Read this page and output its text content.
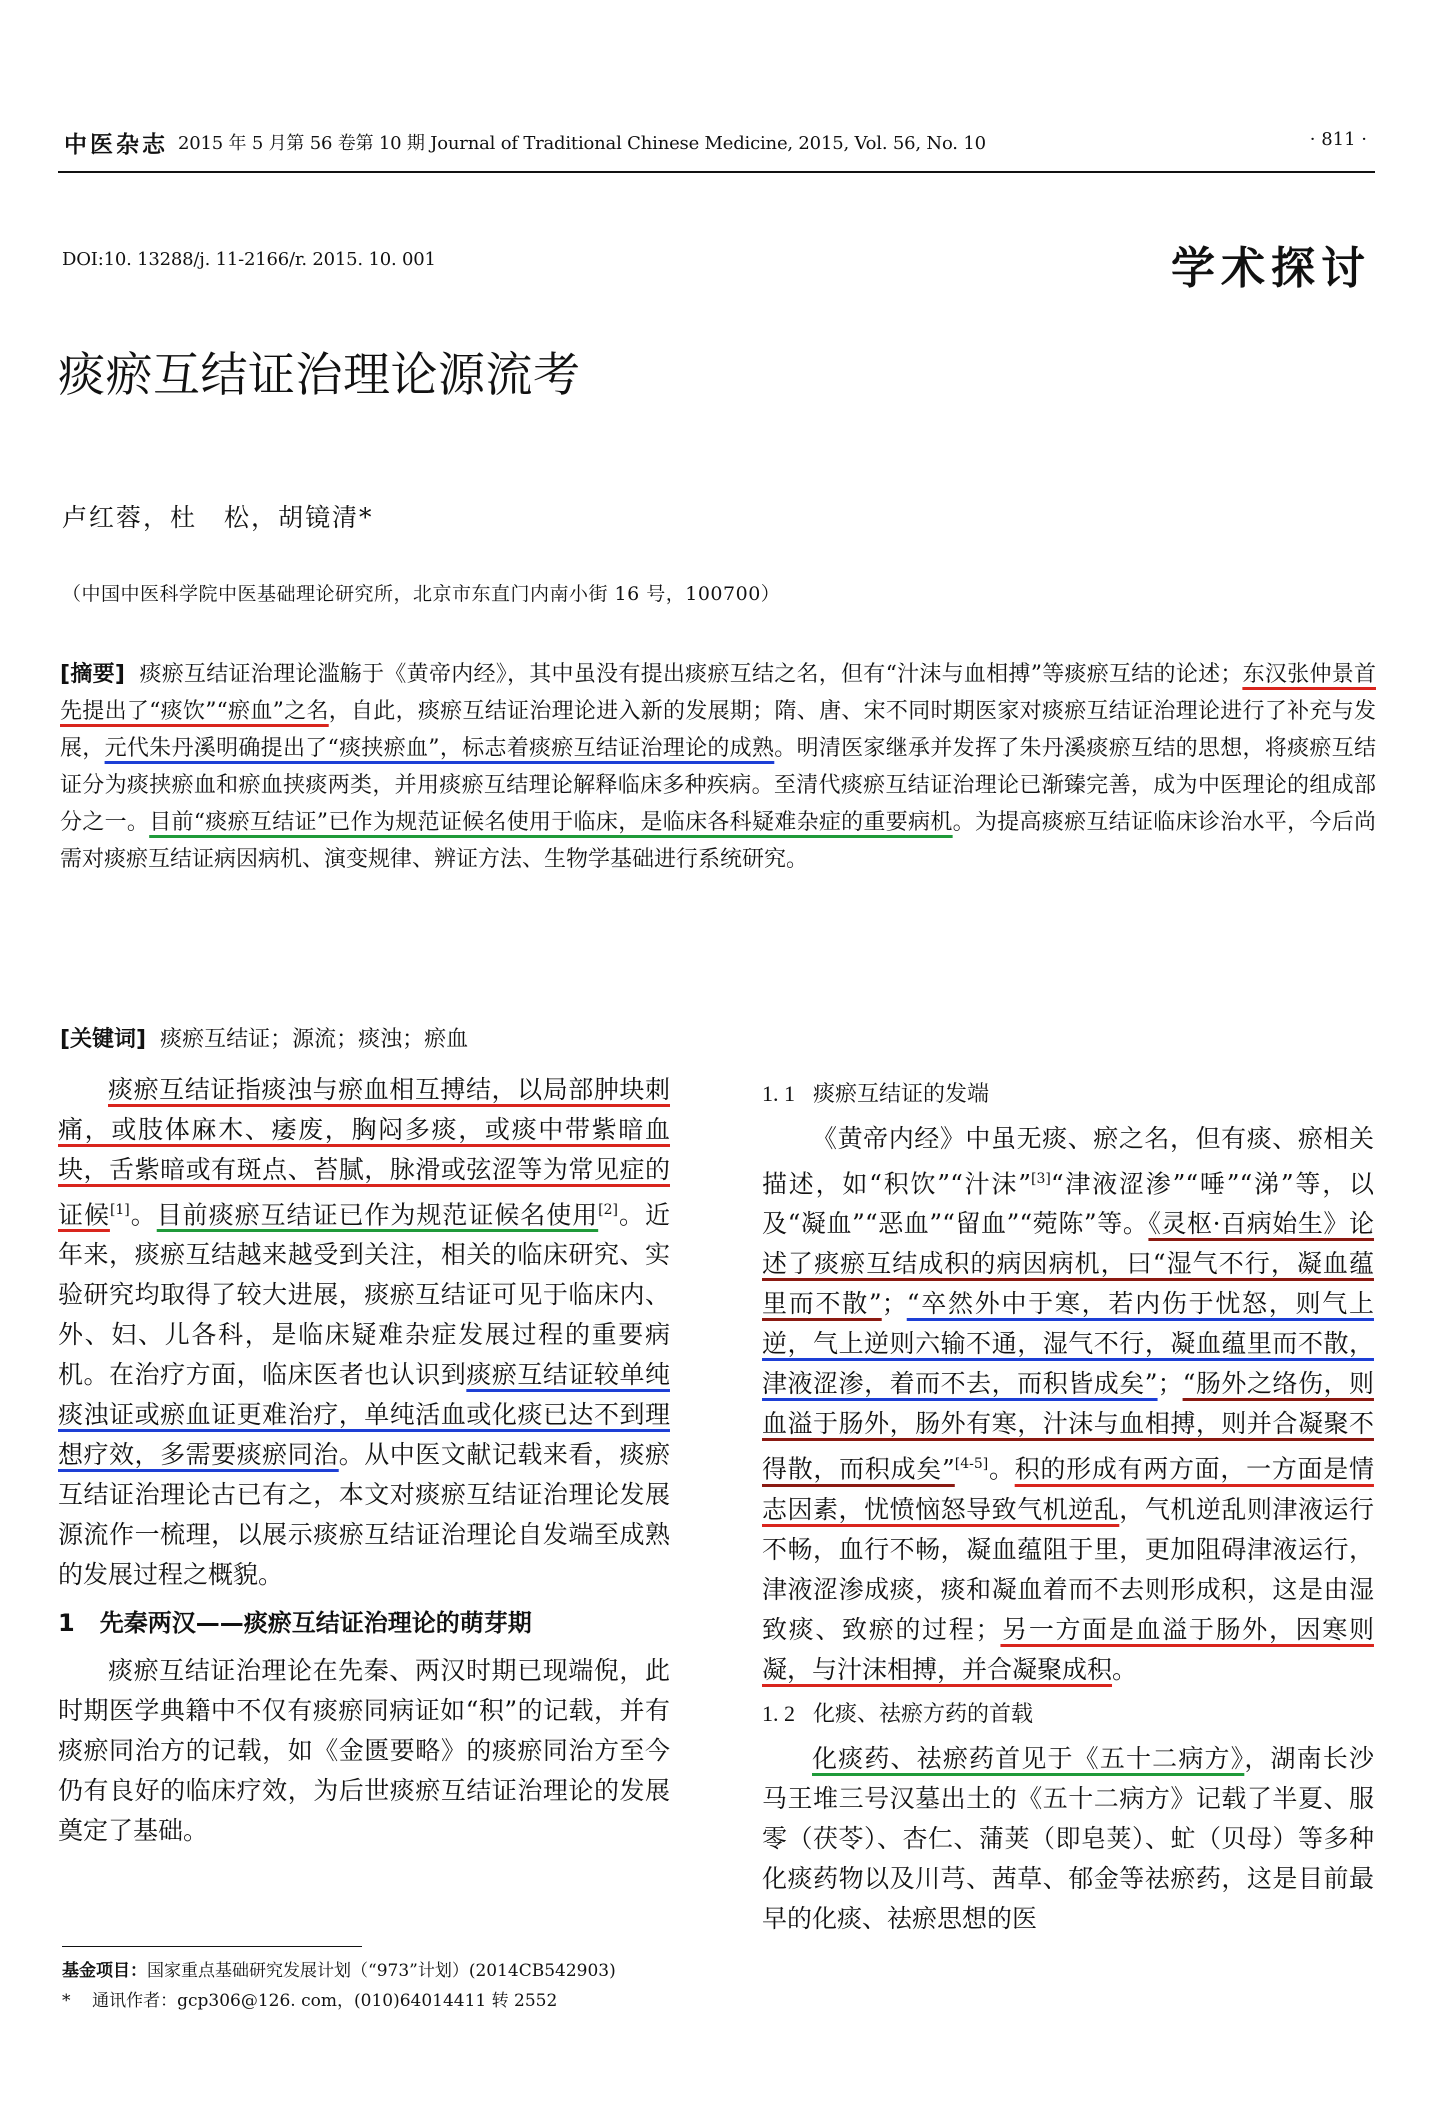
中医杂志 2015 年 5 月第 56 卷第 10 期 Journal of Traditional Chinese Medicine, 2015, Vol. 56, No. 10	· 811 ·
DOI:10. 13288/j. 11-2166/r. 2015. 10. 001	学术探讨
痰瘀互结证治理论源流考
卢红蓉，杜　松，胡镜清*
（中国中医科学院中医基础理论研究所，北京市东直门内南小街 16 号，100700）
[摘要] 痰瘀互结证治理论滥觞于《黄帝内经》，其中虽没有提出痰瘀互结之名，但有“汁沫与血相搏”等痰瘀互结的论述；东汉张仲景首先提出了“痰饮”“瘀血”之名，自此，痰瘀互结证治理论进入新的发展期；隋、唐、宋不同时期医家对痰瘀互结证治理论进行了补充与发展，元代朱丹溪明确提出了“痰挟瘀血”，标志着痰瘀互结证治理论的成熟。明清医家继承并发挥了朱丹溪痰瘀互结的思想，将痰瘀互结证分为痰挟瘀血和瘀血挟痰两类，并用痰瘀互结理论解释临床多种疾病。至清代痰瘀互结证治理论已渐臻完善，成为中医理论的组成部分之一。目前“痰瘀互结证”已作为规范证候名使用于临床，是临床各科疑难杂症的重要病机。为提高痰瘀互结证临床诊治水平，今后尚需对痰瘀互结证病因病机、演变规律、辨证方法、生物学基础进行系统研究。
[关键词] 痰瘀互结证；源流；痰浊；瘀血

痰瘀互结证指痰浊与瘀血相互搏结，以局部肿块刺痛，或肢体麻木、痿废，胸闷多痰，或痰中带紫暗血块，舌紫暗或有斑点、苔腻，脉滑或弦涩等为常见症的证候[1]。目前痰瘀互结证已作为规范证候名使用[2]。近年来，痰瘀互结越来越受到关注，相关的临床研究、实验研究均取得了较大进展，痰瘀互结证可见于临床内、外、妇、儿各科，是临床疑难杂症发展过程的重要病机。在治疗方面，临床医者也认识到痰瘀互结证较单纯痰浊证或瘀血证更难治疗，单纯活血或化痰已达不到理想疗效，多需要痰瘀同治。从中医文献记载来看，痰瘀互结证治理论古已有之，本文对痰瘀互结证治理论发展源流作一梳理，以展示痰瘀互结证治理论自发端至成熟的发展过程之概貌。

1 先秦两汉——痰瘀互结证治理论的萌芽期

痰瘀互结证治理论在先秦、两汉时期已现端倪，此时期医学典籍中不仅有痰瘀同病证如“积”的记载，并有痰瘀同治方的记载，如《金匮要略》的痰瘀同治方至今仍有良好的临床疗效，为后世痰瘀互结证治理论的发展奠定了基础。

1. 1 痰瘀互结证的发端

《黄帝内经》中虽无痰、瘀之名，但有痰、瘀相关描述，如“积饮”“汁沫”[3]“津液涩渗”“唾”“涕”等，以及“凝血”“恶血”“留血”“菀陈”等。《灵枢·百病始生》论述了痰瘀互结成积的病因病机，曰“湿气不行，凝血蕴里而不散”；“卒然外中于寒，若内伤于忧怒，则气上逆，气上逆则六输不通，湿气不行，凝血蕴里而不散，津液涩渗，着而不去，而积皆成矣”；“肠外之络伤，则血溢于肠外，肠外有寒，汁沫与血相搏，则并合凝聚不得散，而积成矣”[4-5]。积的形成有两方面，一方面是情志因素，忧愤恼怒导致气机逆乱，气机逆乱则津液运行不畅，血行不畅，凝血蕴阻于里，更加阻碍津液运行，津液涩渗成痰，痰和凝血着而不去则形成积，这是由湿致痰、致瘀的过程；另一方面是血溢于肠外，因寒则凝，与汁沫相搏，并合凝聚成积。

1. 2 化痰、祛瘀方药的首载

化痰药、祛瘀药首见于《五十二病方》，湖南长沙马王堆三号汉墓出土的《五十二病方》记载了半夏、服零（茯苓）、杏仁、蒲荚（即皂荚）、虻（贝母）等多种化痰药物以及川芎、茜草、郁金等祛瘀药，这是目前最早的化痰、祛瘀思想的医

基金项目：国家重点基础研究发展计划（“973”计划）(2014CB542903)
* 通讯作者：gcp306@126. com，(010)64014411 转 2552
